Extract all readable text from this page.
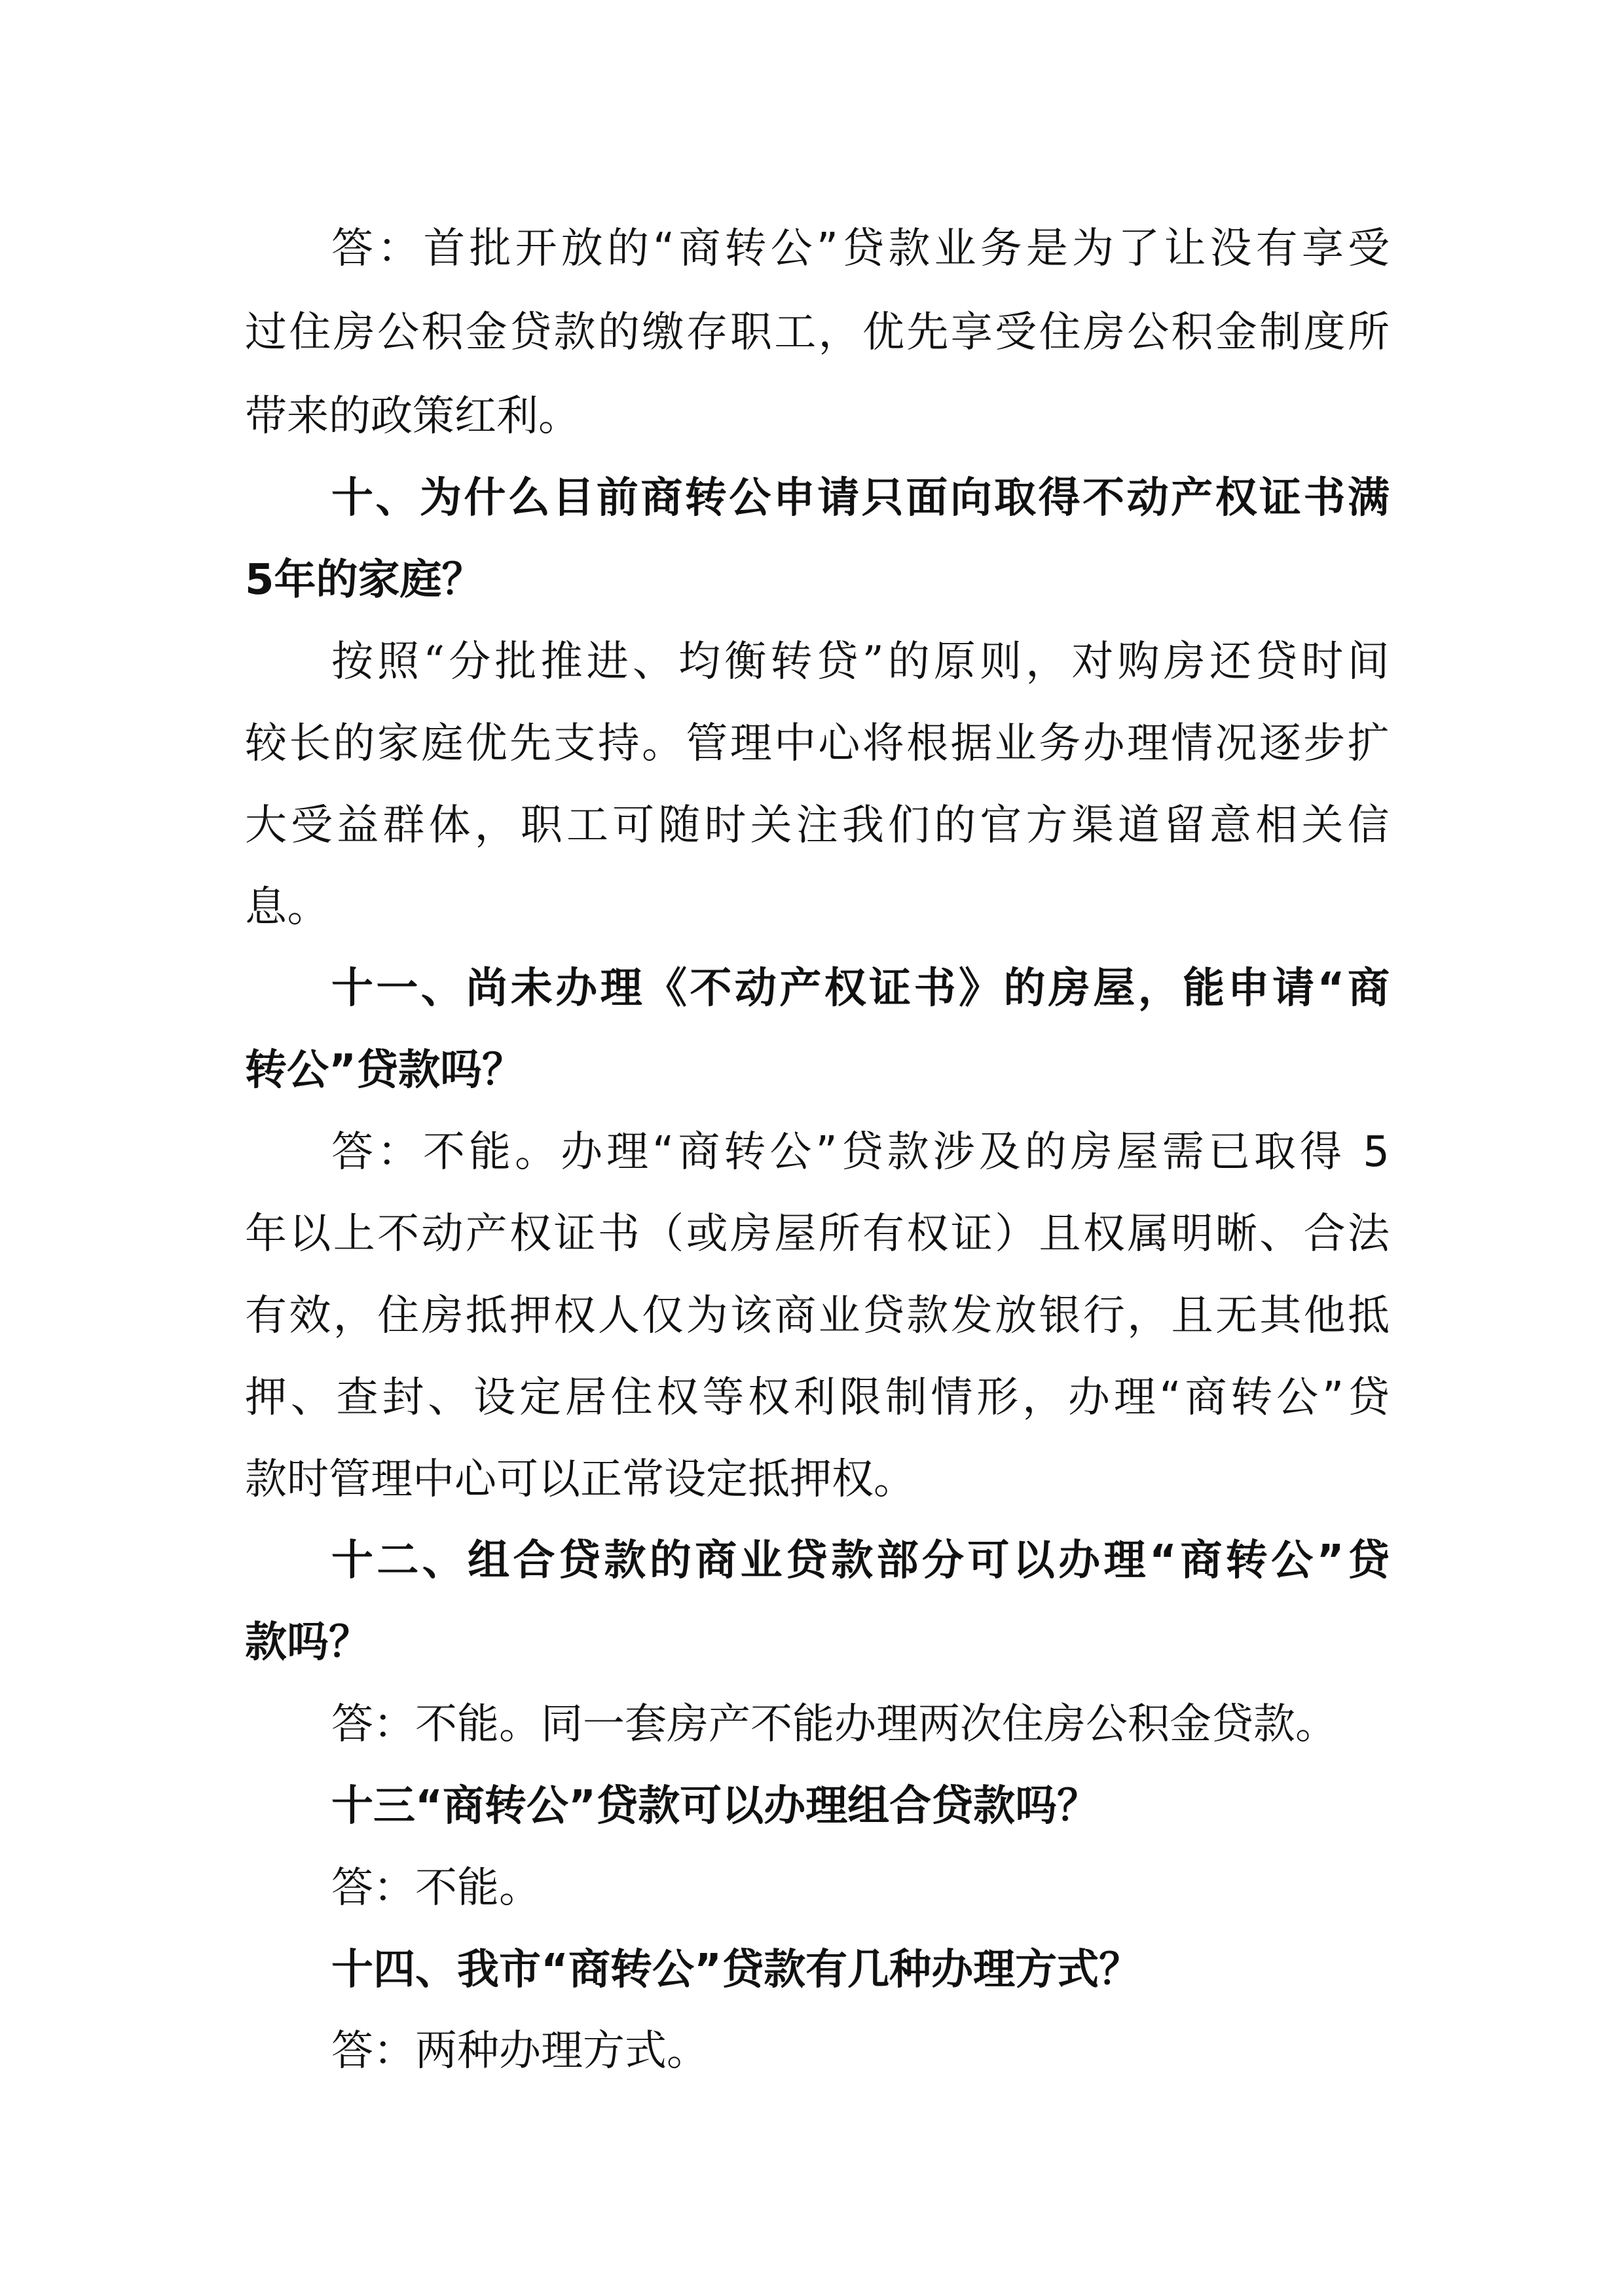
答：首批开放的“商转公”贷款业务是为了让没有享受
过住房公积金贷款的缴存职工，优先享受住房公积金制度所
带来的政策红利。
十、为什么目前商转公申请只面向取得不动产权证书满
5年的家庭？
按照“分批推进、均衡转贷”的原则，对购房还贷时间
较长的家庭优先支持。管理中心将根据业务办理情况逐步扩
大受益群体，职工可随时关注我们的官方渠道留意相关信
息。
十一、尚未办理《不动产权证书》的房屋，能申请“商
转公”贷款吗？
答：不能。办理“商转公”贷款涉及的房屋需已取得 5
年以上不动产权证书（或房屋所有权证）且权属明晰、合法
有效，住房抵押权人仅为该商业贷款发放银行，且无其他抵
押、查封、设定居住权等权利限制情形，办理“商转公”贷
款时管理中心可以正常设定抵押权。
十二、组合贷款的商业贷款部分可以办理“商转公”贷
款吗？
答：不能。同一套房产不能办理两次住房公积金贷款。
十三“商转公”贷款可以办理组合贷款吗？
答：不能。
十四、我市“商转公”贷款有几种办理方式？
答：两种办理方式。
